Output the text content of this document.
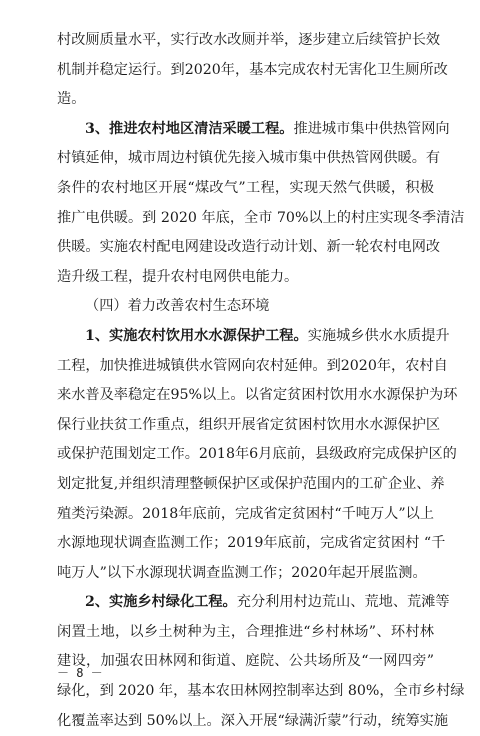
村改厕质量水平，实行改水改厕并举，逐步建立后续管护长效
机制并稳定运行。到2020年，基本完成农村无害化卫生厕所改
造。
3、推进农村地区清洁采暖工程。推进城市集中供热管网向
村镇延伸，城市周边村镇优先接入城市集中供热管网供暖。有
条件的农村地区开展“煤改气”工程，实现天然气供暖，积极
推广电供暖。到 2020 年底，全市 70%以上的村庄实现冬季清洁
供暖。实施农村配电网建设改造行动计划、新一轮农村电网改
造升级工程，提升农村电网供电能力。
（四）着力改善农村生态环境
1、实施农村饮用水水源保护工程。实施城乡供水水质提升
工程，加快推进城镇供水管网向农村延伸。到2020年，农村自
来水普及率稳定在95%以上。以省定贫困村饮用水水源保护为环
保行业扶贫工作重点，组织开展省定贫困村饮用水水源保护区
或保护范围划定工作。2018年6月底前，县级政府完成保护区的
划定批复,并组织清理整顿保护区或保护范围内的工矿企业、养
殖类污染源。2018年底前，完成省定贫困村“千吨万人”以上
水源地现状调查监测工作；2019年底前，完成省定贫困村 “千
吨万人”以下水源现状调查监测工作；2020年起开展监测。
2、实施乡村绿化工程。充分利用村边荒山、荒地、荒滩等
闲置土地，以乡土树种为主，合理推进“乡村林场”、环村林
建设，加强农田林网和街道、庭院、公共场所及“一网四旁”
绿化，到 2020 年，基本农田林网控制率达到 80%，全市乡村绿
化覆盖率达到 50%以上。深入开展“绿满沂蒙”行动，统筹实施
－ 8 －
